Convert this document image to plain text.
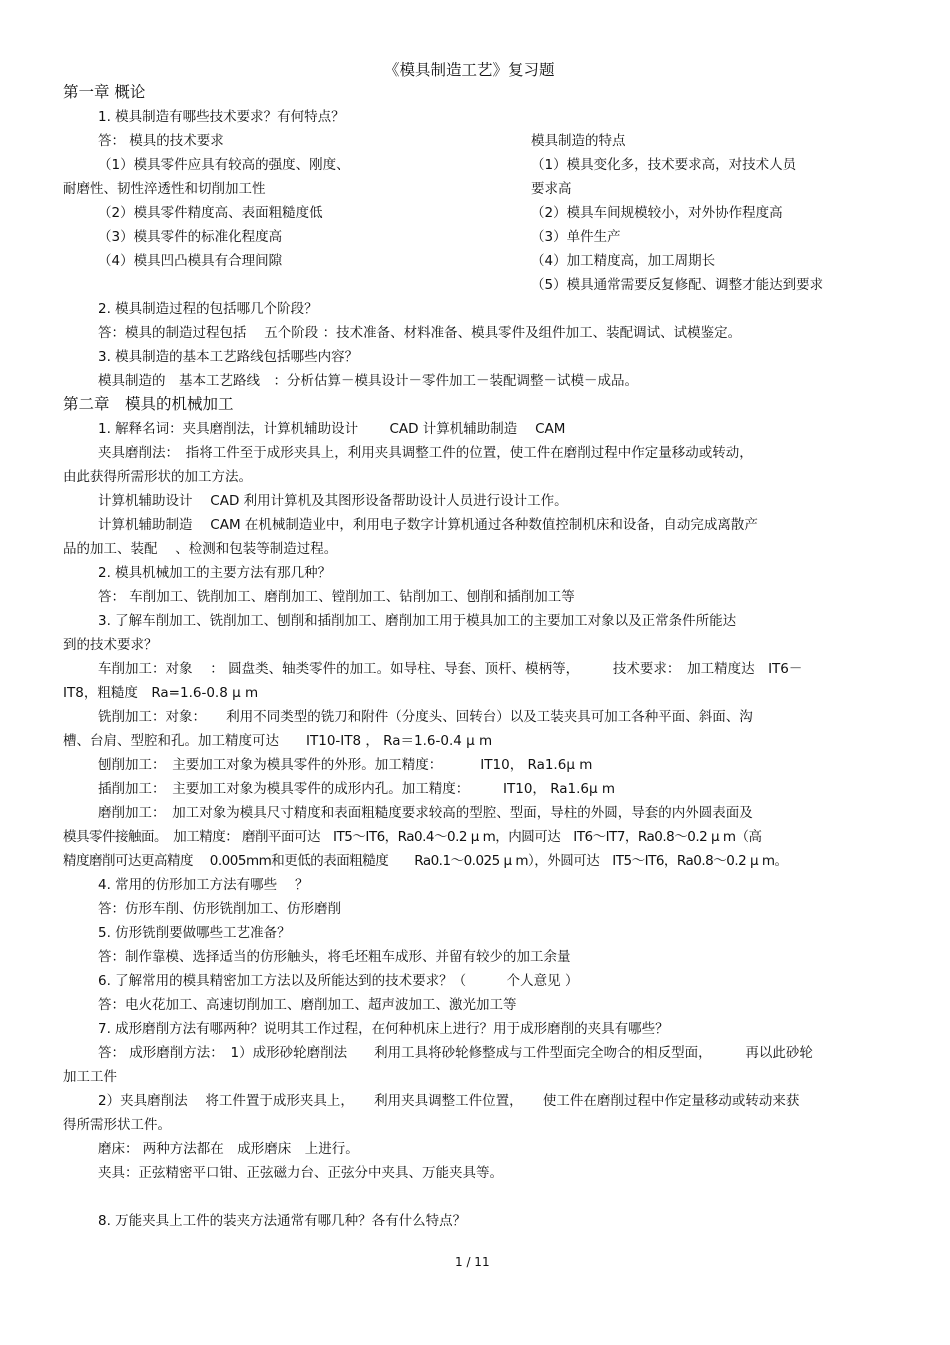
《模具制造工艺》复习题
第一章 概论
1. 模具制造有哪些技术要求？有何特点？
答： 模具的技术要求
（1）模具零件应具有较高的强度、刚度、
耐磨性、韧性淬透性和切削加工性
（2）模具零件精度高、表面粗糙度低
（3）模具零件的标准化程度高
（4）模具凹凸模具有合理间隙
模具制造的特点
（1）模具变化多，技术要求高，对技术人员
要求高
（2）模具车间规模较小，对外协作程度高
（3）单件生产
（4）加工精度高，加工周期长
（5）模具通常需要反复修配、调整才能达到要求
2. 模具制造过程的包括哪几个阶段？
答：模具的制造过程包括　 五个阶段 ：技术准备、材料准备、模具零件及组件加工、装配调试、试模鉴定。
3. 模具制造的基本工艺路线包括哪些内容？
模具制造的　基本工艺路线　：分析估算－模具设计－零件加工－装配调整－试模－成品。
第二章　模具的机械加工
1. 解释名词：夹具磨削法，计算机辅助设计　　 CAD 计算机辅助制造　 CAM
夹具磨削法：　指将工件至于成形夹具上，利用夹具调整工件的位置，使工件在磨削过程中作定量移动或转动，
由此获得所需形状的加工方法。
计算机辅助设计　 CAD 利用计算机及其图形设备帮助设计人员进行设计工作。
计算机辅助制造　 CAM 在机械制造业中，利用电子数字计算机通过各种数值控制机床和设备，自动完成离散产
品的加工、装配　 、检测和包装等制造过程。
2. 模具机械加工的主要方法有那几种？
答： 车削加工、铣削加工、磨削加工、镗削加工、钻削加工、刨削和插削加工等
3. 了解车削加工、铣削加工、刨削和插削加工、磨削加工用于模具加工的主要加工对象以及正常条件所能达
到的技术要求？
车削加工：对象　 ： 圆盘类、轴类零件的加工。如导柱、导套、顶杆、模柄等，　　　技术要求：　加工精度达　IT6－
IT8，粗糙度　Ra=1.6-0.8 μ m
铣削加工：对象：　　利用不同类型的铣刀和附件（分度头、回转台）以及工装夹具可加工各种平面、斜面、沟
槽、台肩、型腔和孔。加工精度可达　　IT10-IT8 ， Ra＝1.6-0.4 μ m
刨削加工：　主要加工对象为模具零件的外形。加工精度：　　　 IT10， Ra1.6μ m
插削加工：　主要加工对象为模具零件的成形内孔。加工精度：　　　IT10， Ra1.6μ m
磨削加工：　加工对象为模具尺寸精度和表面粗糙度要求较高的型腔、型面，导柱的外圆，导套的内外圆表面及
模具零件接触面。　加工精度： 磨削平面可达　IT5～IT6，Ra0.4～0.2 μ m，内圆可达　IT6～IT7，Ra0.8～0.2 μ m（高
精度磨削可达更高精度　 0.005mm和更低的表面粗糙度　　Ra0.1～0.025 μ m），外圆可达　IT5～IT6，Ra0.8～0.2 μ m。
4. 常用的仿形加工方法有哪些　 ？
答：仿形车削、仿形铣削加工、仿形磨削
5. 仿形铣削要做哪些工艺准备？
答：制作靠模、选择适当的仿形触头，将毛坯粗车成形、并留有较少的加工余量
6. 了解常用的模具精密加工方法以及所能达到的技术要求？（　　　个人意见 ）
答：电火花加工、高速切削加工、磨削加工、超声波加工、激光加工等
7. 成形磨削方法有哪两种？说明其工作过程，在何种机床上进行？用于成形磨削的夹具有哪些？
答： 成形磨削方法：　1）成形砂轮磨削法　　利用工具将砂轮修整成与工件型面完全吻合的相反型面，　　　再以此砂轮
加工工件
2）夹具磨削法　 将工件置于成形夹具上，　　利用夹具调整工件位置，　　使工件在磨削过程中作定量移动或转动来获
得所需形状工件。
磨床： 两种方法都在　成形磨床　上进行。
夹具：正弦精密平口钳、正弦磁力台、正弦分中夹具、万能夹具等。
8. 万能夹具上工件的装夹方法通常有哪几种？各有什么特点？
1 / 11
